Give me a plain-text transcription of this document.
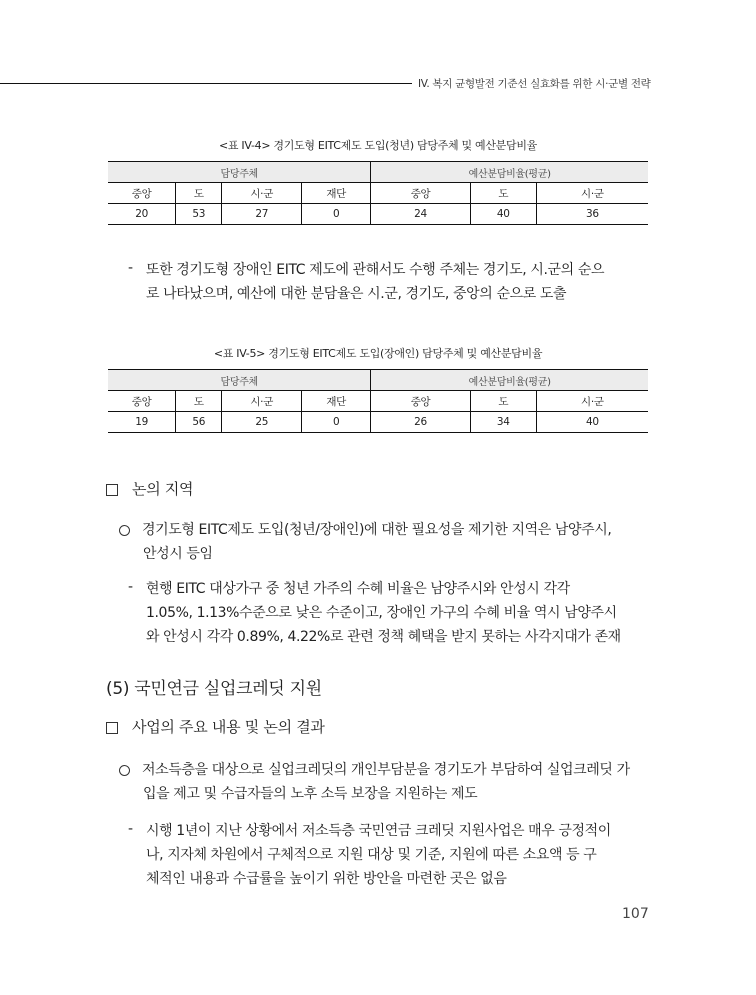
IV. 복지 균형발전 기준선 실효화를 위한 시·군별 전략
<표 IV-4> 경기도형 EITC제도 도입(청년) 담당주체 및 예산분담비율
담당주체				예산분담비율(평균)		
중앙	도	시·군	재단	중앙	도	시·군
20	53	27	0	24	40	36
- 또한 경기도형 장애인 EITC 제도에 관해서도 수행 주체는 경기도, 시.군의 순으
로 나타났으며, 예산에 대한 분담율은 시.군, 경기도, 중앙의 순으로 도출
<표 IV-5> 경기도형 EITC제도 도입(장애인) 담당주체 및 예산분담비율
담당주체				예산분담비율(평균)		
중앙	도	시·군	재단	중앙	도	시·군
19	56	25	0	26	34	40
논의 지역
경기도형 EITC제도 도입(청년/장애인)에 대한 필요성을 제기한 지역은 남양주시,
안성시 등임
- 현행 EITC 대상가구 중 청년 가주의 수혜 비율은 남양주시와 안성시 각각
1.05%, 1.13%수준으로 낮은 수준이고, 장애인 가구의 수혜 비율 역시 남양주시
와 안성시 각각 0.89%, 4.22%로 관련 정책 혜택을 받지 못하는 사각지대가 존재
(5) 국민연금 실업크레딧 지원
사업의 주요 내용 및 논의 결과
저소득층을 대상으로 실업크레딧의 개인부담분을 경기도가 부담하여 실업크레딧 가
입을 제고 및 수급자들의 노후 소득 보장을 지원하는 제도
- 시행 1년이 지난 상황에서 저소득층 국민연금 크레딧 지원사업은 매우 긍정적이
나, 지자체 차원에서 구체적으로 지원 대상 및 기준, 지원에 따른 소요액 등 구
체적인 내용과 수급률을 높이기 위한 방안을 마련한 곳은 없음
107
